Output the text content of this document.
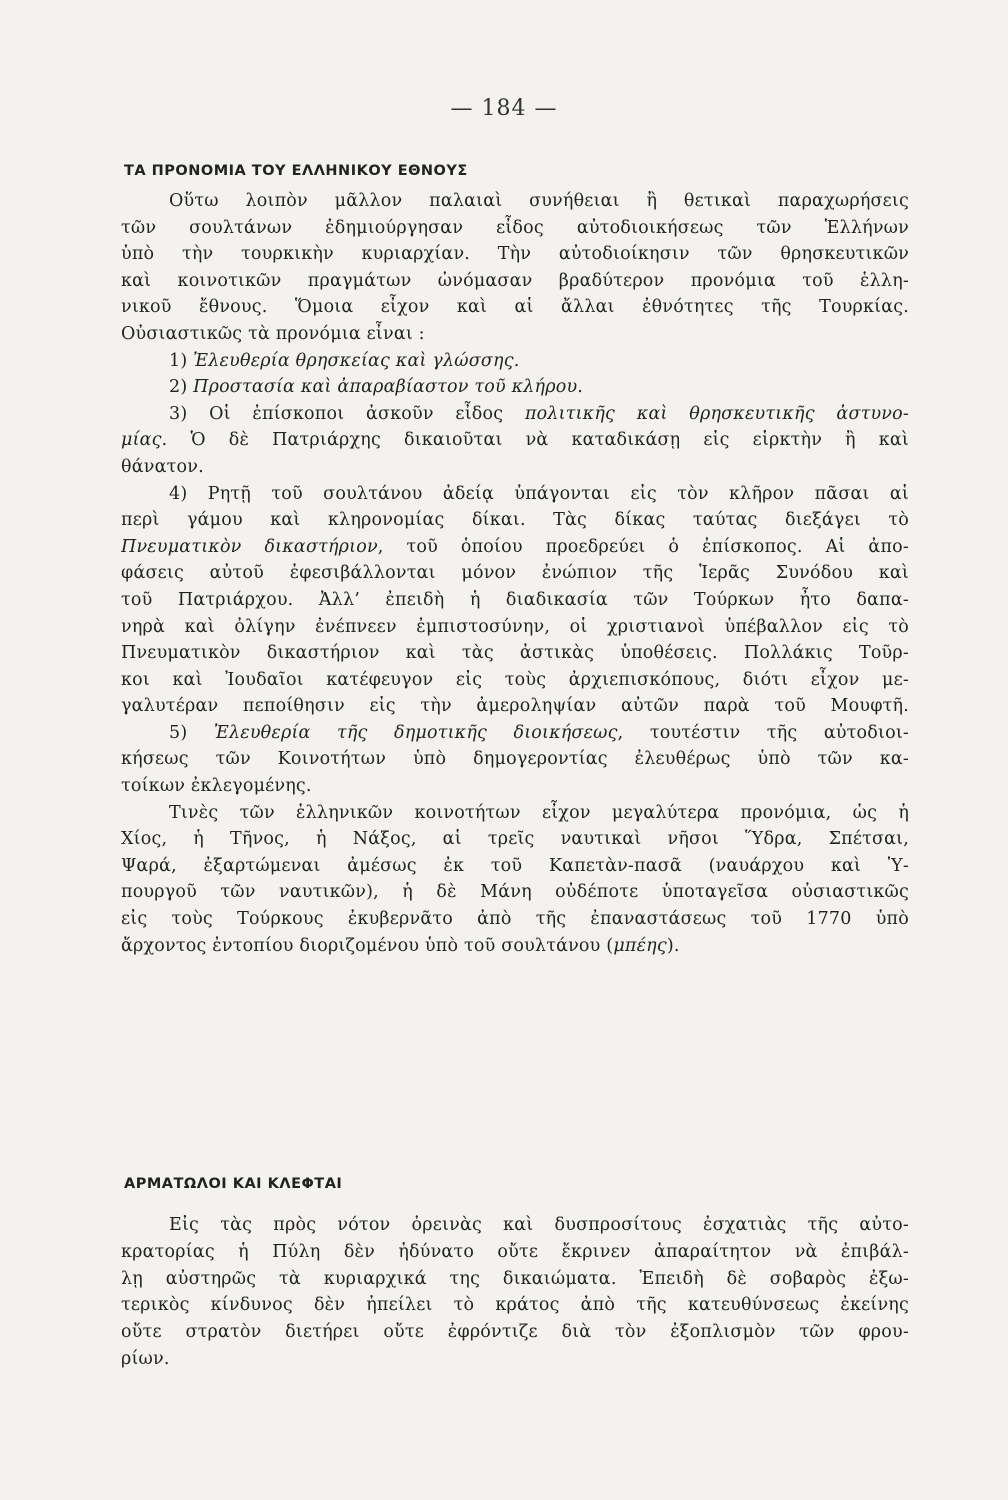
— 184 —
ΤΑ ΠΡΟΝΟΜΙΑ ΤΟΥ ΕΛΛΗΝΙΚΟΥ ΕΘΝΟΥΣ
Οὕτω λοιπὸν μᾶλλον παλαιαὶ συνήθειαι ἢ θετικαὶ παραχωρήσεις
τῶν σουλτάνων ἐδημιούργησαν εἶδος αὐτοδιοικήσεως τῶν Ἑλλήνων
ὑπὸ τὴν τουρκικὴν κυριαρχίαν. Τὴν αὐτοδιοίκησιν τῶν θρησκευτικῶν
καὶ κοινοτικῶν πραγμάτων ὠνόμασαν βραδύτερον προνόμια τοῦ ἑλλη-
νικοῦ ἔθνους. Ὅμοια εἶχον καὶ αἱ ἄλλαι ἐθνότητες τῆς Τουρκίας.
Οὐσιαστικῶς τὰ προνόμια εἶναι :
1) Ἐλευθερία θρησκείας καὶ γλώσσης.
2) Προστασία καὶ ἀπαραβίαστον τοῦ κλήρου.
3) Οἱ ἐπίσκοποι ἀσκοῦν εἶδος πολιτικῆς καὶ θρησκευτικῆς ἀστυνο-
μίας. Ὁ δὲ Πατριάρχης δικαιοῦται νὰ καταδικάσῃ εἰς εἱρκτὴν ἢ καὶ
θάνατον.
4) Ρητῇ τοῦ σουλτάνου ἀδείᾳ ὑπάγονται εἰς τὸν κλῆρον πᾶσαι αἱ
περὶ γάμου καὶ κληρονομίας δίκαι. Τὰς δίκας ταύτας διεξάγει τὸ
Πνευματικὸν δικαστήριον, τοῦ ὁποίου προεδρεύει ὁ ἐπίσκοπος. Αἱ ἀπο-
φάσεις αὐτοῦ ἐφεσιβάλλονται μόνον ἐνώπιον τῆς Ἱερᾶς Συνόδου καὶ
τοῦ Πατριάρχου. Ἀλλ’ ἐπειδὴ ἡ διαδικασία τῶν Τούρκων ἦτο δαπα-
νηρὰ καὶ ὀλίγην ἐνέπνεεν ἐμπιστοσύνην, οἱ χριστιανοὶ ὑπέβαλλον εἰς τὸ
Πνευματικὸν δικαστήριον καὶ τὰς ἀστικὰς ὑποθέσεις. Πολλάκις Τοῦρ-
κοι καὶ Ἰουδαῖοι κατέφευγον εἰς τοὺς ἀρχιεπισκόπους, διότι εἶχον με-
γαλυτέραν πεποίθησιν εἰς τὴν ἀμεροληψίαν αὐτῶν παρὰ τοῦ Μουφτῆ.
5) Ἐλευθερία τῆς δημοτικῆς διοικήσεως, τουτέστιν τῆς αὐτοδιοι-
κήσεως τῶν Κοινοτήτων ὑπὸ δημογεροντίας ἐλευθέρως ὑπὸ τῶν κα-
τοίκων ἐκλεγομένης.
Τινὲς τῶν ἑλληνικῶν κοινοτήτων εἶχον μεγαλύτερα προνόμια, ὡς ἡ
Χίος, ἡ Τῆνος, ἡ Νάξος, αἱ τρεῖς ναυτικαὶ νῆσοι Ὕδρα, Σπέτσαι,
Ψαρά, ἐξαρτώμεναι ἀμέσως ἐκ τοῦ Καπετὰν-πασᾶ (ναυάρχου καὶ Ὑ-
πουργοῦ τῶν ναυτικῶν), ἡ δὲ Μάνη οὐδέποτε ὑποταγεῖσα οὐσιαστικῶς
εἰς τοὺς Τούρκους ἐκυβερνᾶτο ἀπὸ τῆς ἐπαναστάσεως τοῦ 1770 ὑπὸ
ἄρχοντος ἐντοπίου διοριζομένου ὑπὸ τοῦ σουλτάνου (μπέης).
ΑΡΜΑΤΩΛΟΙ ΚΑΙ ΚΛΕΦΤΑΙ
Εἰς τὰς πρὸς νότον ὀρεινὰς καὶ δυσπροσίτους ἐσχατιὰς τῆς αὐτο-
κρατορίας ἡ Πύλη δὲν ἠδύνατο οὔτε ἔκρινεν ἀπαραίτητον νὰ ἐπιβάλ-
λῃ αὐστηρῶς τὰ κυριαρχικά της δικαιώματα. Ἐπειδὴ δὲ σοβαρὸς ἐξω-
τερικὸς κίνδυνος δὲν ἠπείλει τὸ κράτος ἀπὸ τῆς κατευθύνσεως ἐκείνης
οὔτε στρατὸν διετήρει οὔτε ἐφρόντιζε διὰ τὸν ἐξοπλισμὸν τῶν φρου-
ρίων.
